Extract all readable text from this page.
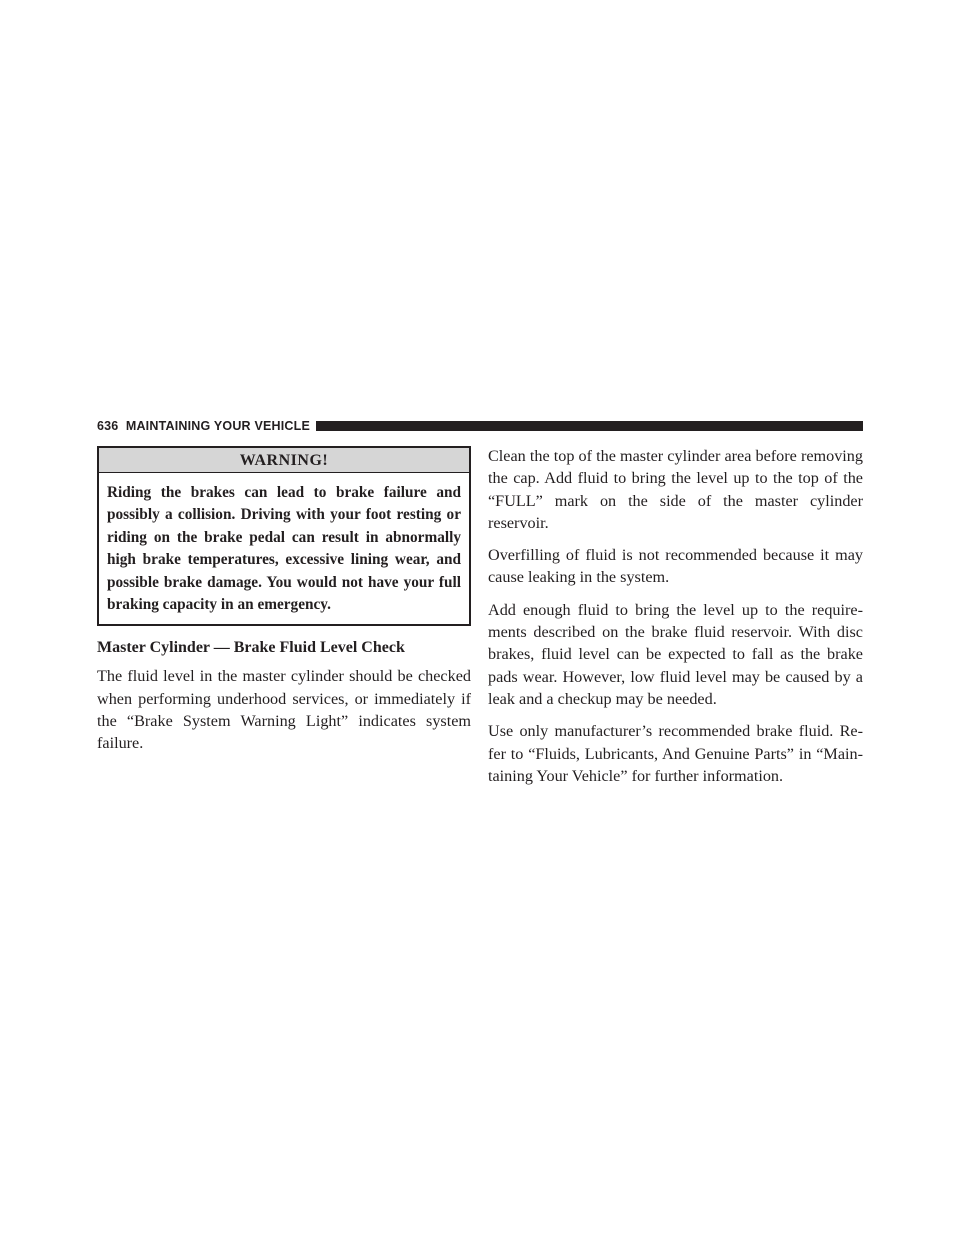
636 MAINTAINING YOUR VEHICLE
WARNING!
Riding the brakes can lead to brake failure and possibly a collision. Driving with your foot resting or riding on the brake pedal can result in abnormally high brake temperatures, excessive lining wear, and possible brake damage. You would not have your full braking capacity in an emergency.
Master Cylinder — Brake Fluid Level Check

The fluid level in the master cylinder should be checked when performing underhood services, or immediately if the “Brake System Warning Light” indicates system failure.

Clean the top of the master cylinder area before removing the cap. Add fluid to bring the level up to the top of the “FULL” mark on the side of the master cylinder reservoir.

Overfilling of fluid is not recommended because it may cause leaking in the system.

Add enough fluid to bring the level up to the require-ments described on the brake fluid reservoir. With disc brakes, fluid level can be expected to fall as the brake pads wear. However, low fluid level may be caused by a leak and a checkup may be needed.

Use only manufacturer’s recommended brake fluid. Re-fer to “Fluids, Lubricants, And Genuine Parts” in “Main-taining Your Vehicle” for further information.
